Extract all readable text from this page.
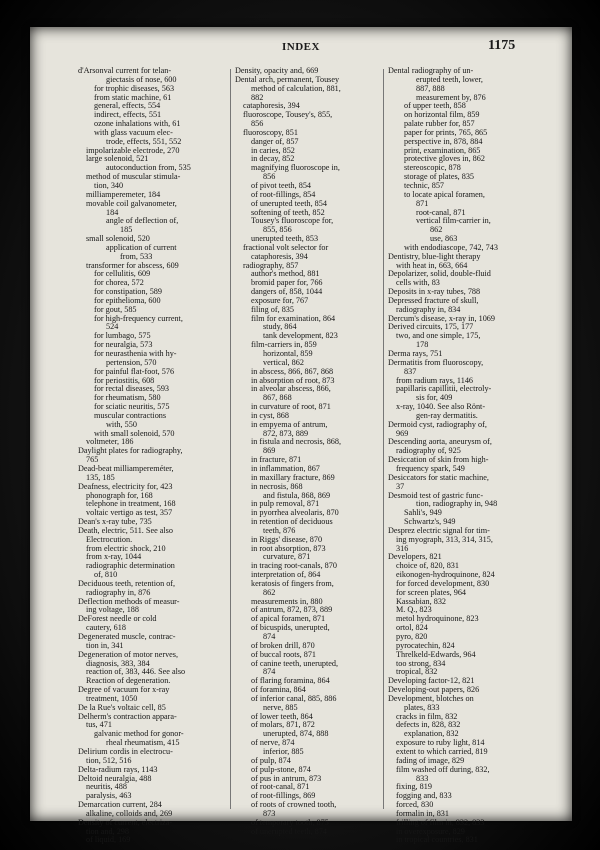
INDEX	1175
d'Arsonval current for telan-
giectasis of nose, 600
for trophic diseases, 563
from static machine, 61
general, effects, 554
indirect, effects, 551
ozone inhalations with, 61
with glass vacuum elec-
trode, effects, 551, 552
impolarizable electrode, 270
large solenoid, 521
autoconduction from, 535
method of muscular stimula-
tion, 340
milliamperemeter, 184
movable coil galvanometer,
184
angle of deflection of,
185
small solenoid, 520
application of current
from, 533
transformer for abscess, 609
for cellulitis, 609
for chorea, 572
for constipation, 589
for epithelioma, 600
for gout, 585
for high-frequency current,
524
for lumbago, 575
for neuralgia, 573
for neurasthenia with hy-
pertension, 570
for painful flat-foot, 576
for periostitis, 608
for rectal diseases, 593
for rheumatism, 580
for sciatic neuritis, 575
muscular contractions
with, 550
with small solenoid, 570
voltmeter, 186
Daylight plates for radiography,
765
Dead-beat milliampereméter,
135, 185
Deafness, electricity for, 423
phonograph for, 168
telephone in treatment, 168
voltaic vertigo as test, 357
Dean's x-ray tube, 735
Death, electric, 511. See also
Electrocution.
from electric shock, 210
from x-ray, 1044
radiographic determination
of, 810
Deciduous teeth, retention of,
radiography in, 876
Deflection methods of measur-
ing voltage, 188
DeForest needle or cold
cautery, 618
Degenerated muscle, contrac-
tion in, 341
Degeneration of motor nerves,
diagnosis, 383, 384
reaction of, 383, 446. See also
Reaction of degeneration.
Degree of vacuum for x-ray
treatment, 1050
De la Rue's voltaic cell, 85
Delherm's contraction appara-
tus, 471
galvanic method for gonor-
rheal rheumatism, 415
Delirium cordis in electrocu-
tion, 512, 516
Delta-radium rays, 1143
Deltoid neuralgia, 488
neuritis, 488
paralysis, 463
Demarcation current, 284
alkaline, colloids and, 269
Density of current, electriza-
tion and, 298
of liquid, 169
Density, opacity and, 669
Dental arch, permanent, Tousey
method of calculation, 881,
882
cataphoresis, 394
fluoroscope, Tousey's, 855,
856
fluoroscopy, 851
danger of, 857
in caries, 852
in decay, 852
magnifying fluoroscope in,
856
of pivot teeth, 854
of root-fillings, 854
of unerupted teeth, 854
softening of teeth, 852
Tousey's fluoroscope for,
855, 856
unerupted teeth, 853
fractional volt selector for
cataphoresis, 394
radiography, 857
author's method, 881
bromid paper for, 766
dangers of, 858, 1044
exposure for, 767
filing of, 835
film for examination, 864
study, 864
tank development, 823
film-carriers in, 859
horizontal, 859
vertical, 862
in abscess, 866, 867, 868
in absorption of root, 873
in alveolar abscess, 866,
867, 868
in curvature of root, 871
in cyst, 868
in empyema of antrum,
872, 873, 889
in fistula and necrosis, 868,
869
in fracture, 871
in inflammation, 867
in maxillary fracture, 869
in necrosis, 868
and fistula, 868, 869
in pulp removal, 871
in pyorrhea alveolaris, 870
in retention of deciduous
teeth, 876
in Riggs' disease, 870
in root absorption, 873
curvature, 871
in tracing root-canals, 870
interpretation of, 864
keratosis of fingers from,
862
measurements in, 880
of antrum, 872, 873, 889
of apical foramen, 871
of bicuspids, unerupted,
874
of broken drill, 870
of buccal roots, 871
of canine teeth, unerupted,
874
of flaring foramina, 864
of foramina, 864
of inferior canal, 885, 886
nerve, 885
of lower teeth, 864
of molars, 871, 872
unerupted, 874, 888
of nerve, 874
inferior, 885
of pulp, 874
of pulp-stone, 874
of pus in antrum, 873
of root-canal, 871
of root-fillings, 869
of roots of crowned tooth,
873
of temporary tooth, 875
of unerupted teeth, 874
Dental radiography of un-
erupted teeth, lower,
887, 888
measurement by, 876
of upper teeth, 858
on horizontal film, 859
palate rubber for, 857
paper for prints, 765, 865
perspective in, 878, 884
print, examination, 865
protective gloves in, 862
stereoscopic, 878
storage of plates, 835
technic, 857
to locate apical foramen,
871
root-canal, 871
vertical film-carrier in,
862
use, 863
with endodiascope, 742, 743
Dentistry, blue-light therapy
with heat in, 663, 664
Depolarizer, solid, double-fluid
cells with, 83
Deposits in x-ray tubes, 788
Depressed fracture of skull,
radiography in, 834
Dercum's disease, x-ray in, 1069
Derived circuits, 175, 177
two, and one simple, 175,
178
Derma rays, 751
Dermatitis from fluoroscopy,
837
from radium rays, 1146
papillaris capillitii, electroly-
sis for, 409
x-ray, 1040. See also Rönt-
gen-ray dermatitis.
Dermoid cyst, radiography of,
969
Descending aorta, aneurysm of,
radiography of, 925
Desiccation of skin from high-
frequency spark, 549
Desiccators for static machine,
37
Desmoid test of gastric func-
tion, radiography in, 948
Sahli's, 949
Schwartz's, 949
Desprez electric signal for tim-
ing myograph, 313, 314, 315,
316
Developers, 821
choice of, 820, 831
eikonogen-hydroquinone, 824
for forced development, 830
for screen plates, 964
Kassabian, 832
M. Q., 823
metol hydroquinone, 823
ortol, 824
pyro, 820
pyrocatechin, 824
Threlkeld-Edwards, 964
too strong, 834
tropical, 832
Developing factor-12, 821
Developing-out papers, 826
Development, blotches on
plates, 833
cracks in film, 832
defects in, 828, 832
explanation, 832
exposure to ruby light, 814
extent to which carried, 819
fading of image, 829
film washed off during, 832,
833
fixing, 819
fogging and, 833
forced, 830
formalin in, 831
frilling of film in, 832, 833
in overexposure, 829
in tropical countries, 831
